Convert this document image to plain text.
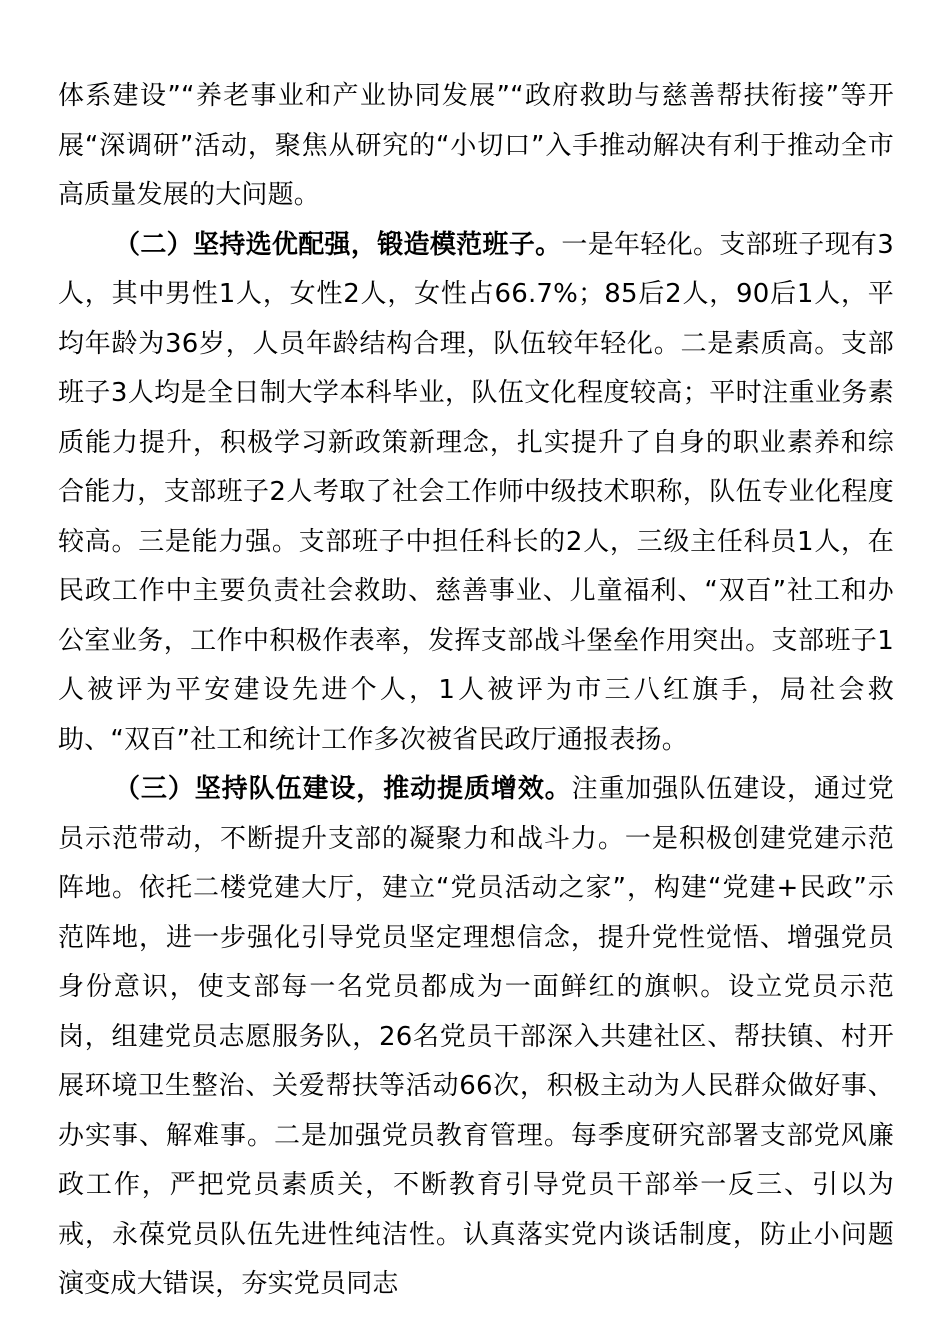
体系建设”“养老事业和产业协同发展”“政府救助与慈善帮扶衔接”等开展“深调研”活动，聚焦从研究的“小切口”入手推动解决有利于推动全市高质量发展的大问题。

（二）坚持选优配强，锻造模范班子。一是年轻化。支部班子现有3人，其中男性1人，女性2人，女性占66.7%；85后2人，90后1人，平均年龄为36岁，人员年龄结构合理，队伍较年轻化。二是素质高。支部班子3人均是全日制大学本科毕业，队伍文化程度较高；平时注重业务素质能力提升，积极学习新政策新理念，扎实提升了自身的职业素养和综合能力，支部班子2人考取了社会工作师中级技术职称，队伍专业化程度较高。三是能力强。支部班子中担任科长的2人，三级主任科员1人，在民政工作中主要负责社会救助、慈善事业、儿童福利、“双百”社工和办公室业务，工作中积极作表率，发挥支部战斗堡垒作用突出。支部班子1人被评为平安建设先进个人，1人被评为市三八红旗手，局社会救助、“双百”社工和统计工作多次被省民政厅通报表扬。

（三）坚持队伍建设，推动提质增效。注重加强队伍建设，通过党员示范带动，不断提升支部的凝聚力和战斗力。一是积极创建党建示范阵地。依托二楼党建大厅，建立“党员活动之家”，构建“党建+民政”示范阵地，进一步强化引导党员坚定理想信念，提升党性觉悟、增强党员身份意识，使支部每一名党员都成为一面鲜红的旗帜。设立党员示范岗，组建党员志愿服务队，26名党员干部深入共建社区、帮扶镇、村开展环境卫生整治、关爱帮扶等活动66次，积极主动为人民群众做好事、办实事、解难事。二是加强党员教育管理。每季度研究部署支部党风廉政工作，严把党员素质关，不断教育引导党员干部举一反三、引以为戒，永葆党员队伍先进性纯洁性。认真落实党内谈话制度，防止小问题演变成大错误，夯实党员同志
